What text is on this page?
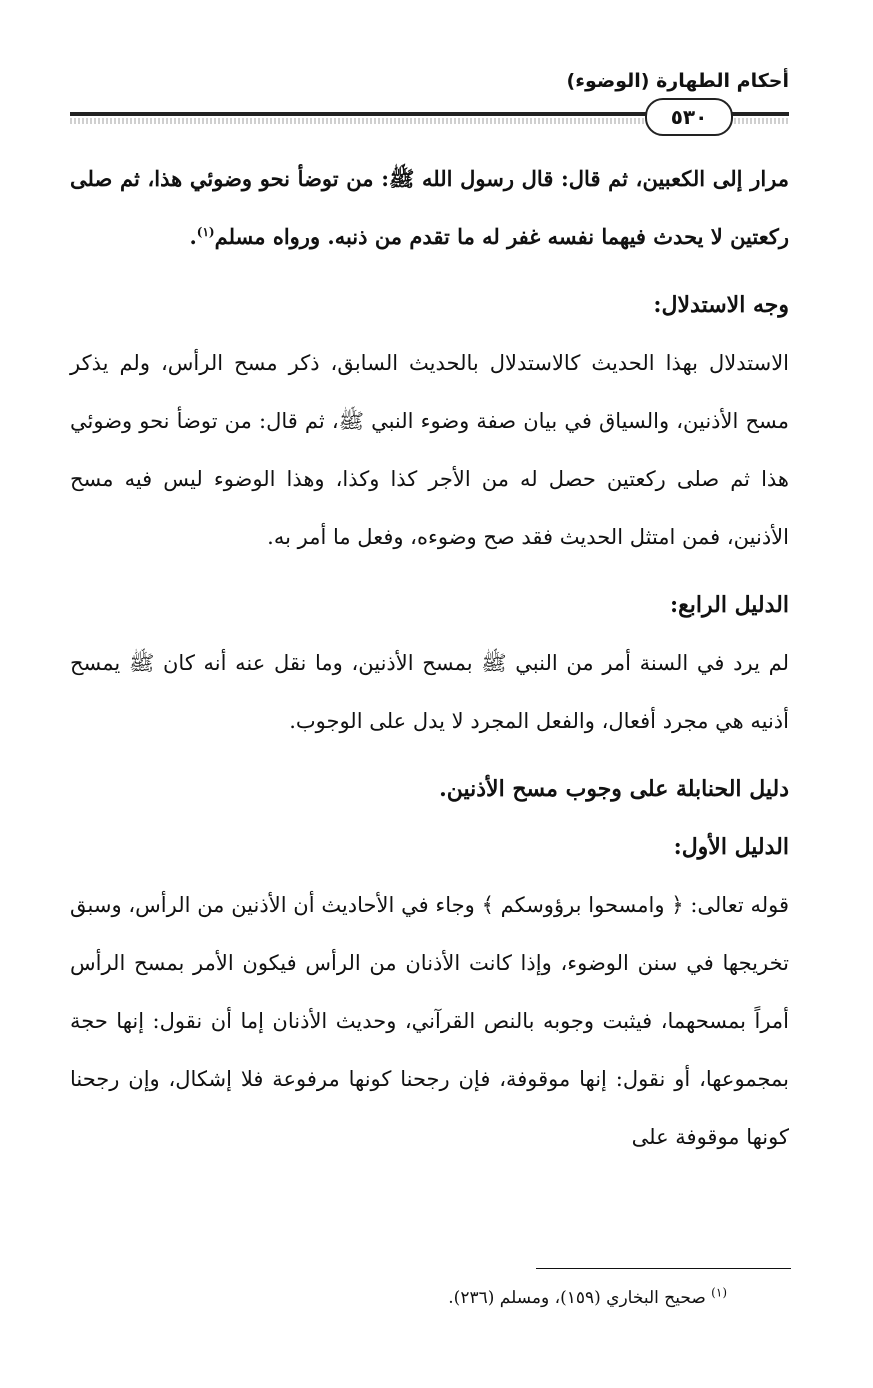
أحكام الطهارة (الوضوء)
٥٣٠

مرار إلى الكعبين، ثم قال: قال رسول الله ﷺ: من توضأ نحو وضوئي هذا، ثم صلى ركعتين لا يحدث فيهما نفسه غفر له ما تقدم من ذنبه. ورواه مسلم$^{(١)}$.

وجه الاستدلال:

الاستدلال بهذا الحديث كالاستدلال بالحديث السابق، ذكر مسح الرأس، ولم يذكر مسح الأذنين، والسياق في بيان صفة وضوء النبي ﷺ، ثم قال: من توضأ نحو وضوئي هذا ثم صلى ركعتين حصل له من الأجر كذا وكذا، وهذا الوضوء ليس فيه مسح الأذنين، فمن امتثل الحديث فقد صح وضوءه، وفعل ما أمر به.

الدليل الرابع:

لم يرد في السنة أمر من النبي ﷺ بمسح الأذنين، وما نقل عنه أنه كان ﷺ يمسح أذنيه هي مجرد أفعال، والفعل المجرد لا يدل على الوجوب.

دليل الحنابلة على وجوب مسح الأذنين.

الدليل الأول:

قوله تعالى: ﴿ وامسحوا برؤوسكم ﴾ وجاء في الأحاديث أن الأذنين من الرأس، وسبق تخريجها في سنن الوضوء، وإذا كانت الأذنان من الرأس فيكون الأمر بمسح الرأس أمراً بمسحهما، فيثبت وجوبه بالنص القرآني، وحديث الأذنان إما أن نقول: إنها حجة بمجموعها، أو نقول: إنها موقوفة، فإن رجحنا كونها مرفوعة فلا إشكال، وإن رجحنا كونها موقوفة على

$^{(١)}$ صحيح البخاري (١٥٩)، ومسلم (٢٣٦).
